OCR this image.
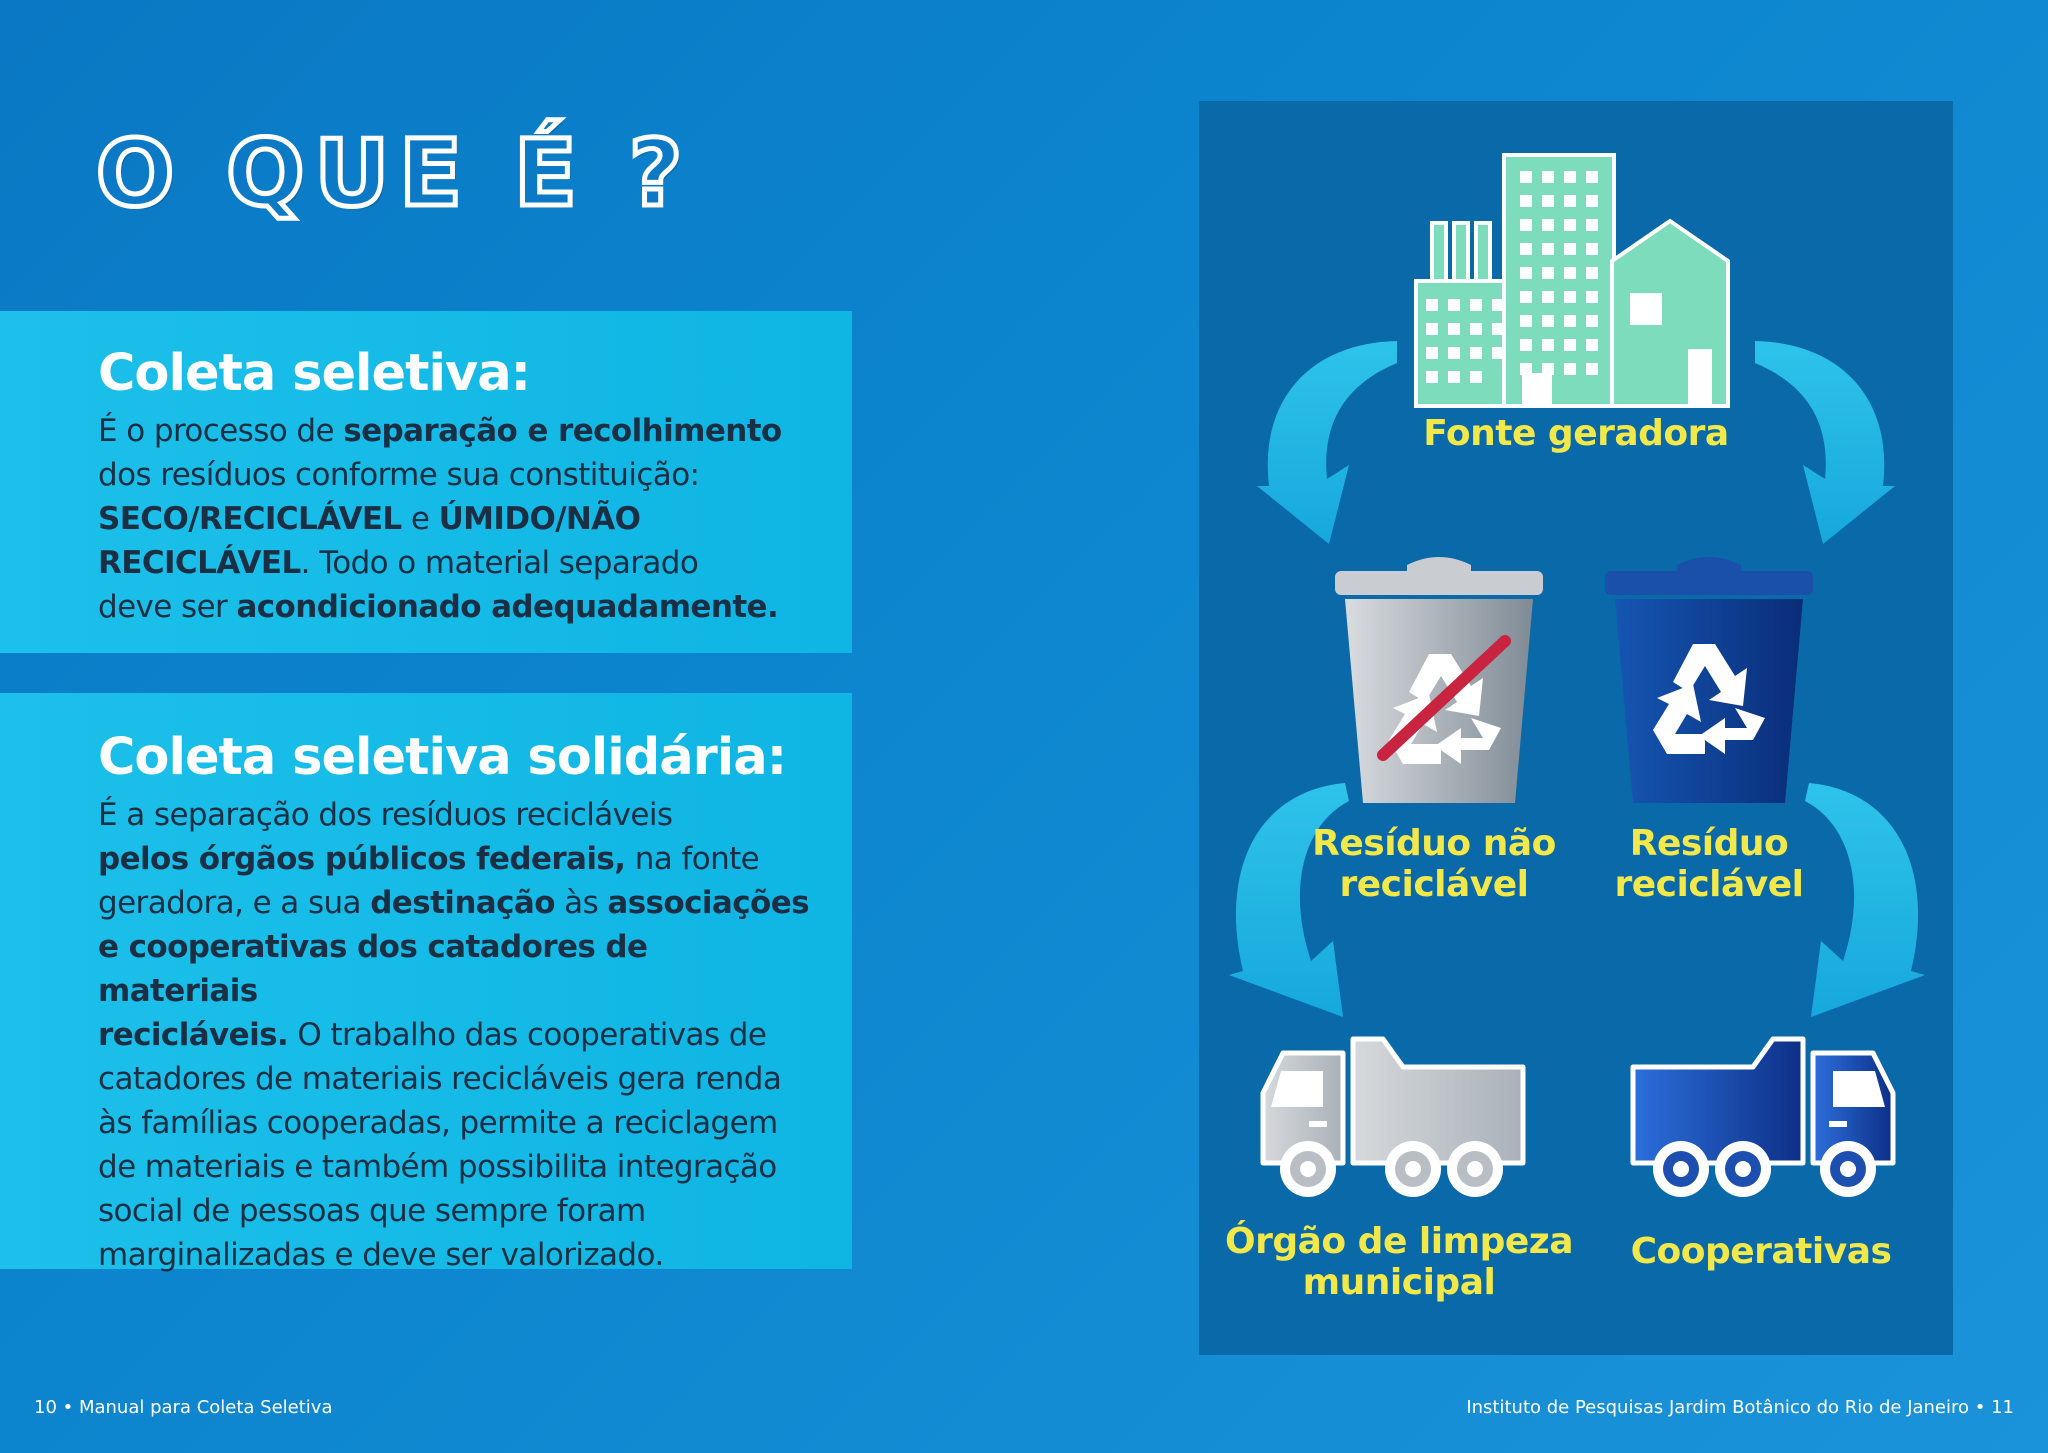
O QUE É ?
Coleta seletiva:
É o processo de separação e recolhimento
dos resíduos conforme sua constituição:
SECO/RECICLÁVEL e ÚMIDO/NÃO
RECICLÁVEL. Todo o material separado
deve ser acondicionado adequadamente.
Coleta seletiva solidária:
É a separação dos resíduos recicláveis
pelos órgãos públicos federais, na fonte
geradora, e a sua destinação às associações
e cooperativas dos catadores de materiais
recicláveis. O trabalho das cooperativas de
catadores de materiais recicláveis gera renda
às famílias cooperadas, permite a reciclagem
de materiais e também possibilita integração
social de pessoas que sempre foram
marginalizadas e deve ser valorizado.
Fonte geradora
Resíduo não
reciclável
Resíduo
reciclável
Órgão de limpeza
municipal
Cooperativas
10 • Manual para Coleta Seletiva	Instituto de Pesquisas Jardim Botânico do Rio de Janeiro • 11
